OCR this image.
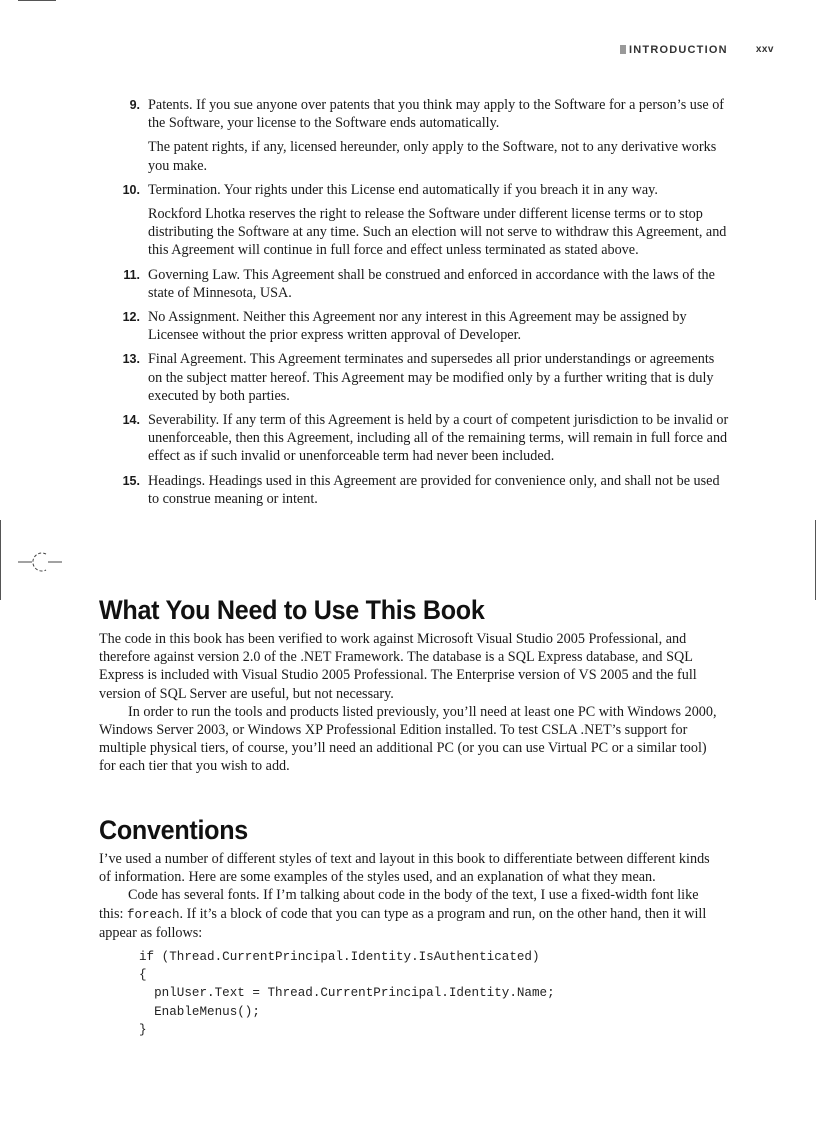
INTRODUCTION	xxv
9. Patents. If you sue anyone over patents that you think may apply to the Software for a person’s use of the Software, your license to the Software ends automatically.

The patent rights, if any, licensed hereunder, only apply to the Software, not to any derivative works you make.

10. Termination. Your rights under this License end automatically if you breach it in any way.

Rockford Lhotka reserves the right to release the Software under different license terms or to stop distributing the Software at any time. Such an election will not serve to withdraw this Agreement, and this Agreement will continue in full force and effect unless terminated as stated above.

11. Governing Law. This Agreement shall be construed and enforced in accordance with the laws of the state of Minnesota, USA.

12. No Assignment. Neither this Agreement nor any interest in this Agreement may be assigned by Licensee without the prior express written approval of Developer.

13. Final Agreement. This Agreement terminates and supersedes all prior understandings or agreements on the subject matter hereof. This Agreement may be modified only by a further writing that is duly executed by both parties.

14. Severability. If any term of this Agreement is held by a court of competent jurisdiction to be invalid or unenforceable, then this Agreement, including all of the remaining terms, will remain in full force and effect as if such invalid or unenforceable term had never been included.

15. Headings. Headings used in this Agreement are provided for convenience only, and shall not be used to construe meaning or intent.

What You Need to Use This Book

The code in this book has been verified to work against Microsoft Visual Studio 2005 Professional, and therefore against version 2.0 of the .NET Framework. The database is a SQL Express database, and SQL Express is included with Visual Studio 2005 Professional. The Enterprise version of VS 2005 and the full version of SQL Server are useful, but not necessary.

In order to run the tools and products listed previously, you’ll need at least one PC with Windows 2000, Windows Server 2003, or Windows XP Professional Edition installed. To test CSLA .NET’s support for multiple physical tiers, of course, you’ll need an additional PC (or you can use Virtual PC or a similar tool) for each tier that you wish to add.

Conventions

I’ve used a number of different styles of text and layout in this book to differentiate between different kinds of information. Here are some examples of the styles used, and an explanation of what they mean.

Code has several fonts. If I’m talking about code in the body of the text, I use a fixed-width font like this: foreach. If it’s a block of code that you can type as a program and run, on the other hand, then it will appear as follows:

if (Thread.CurrentPrincipal.Identity.IsAuthenticated)
{
pnlUser.Text = Thread.CurrentPrincipal.Identity.Name;
EnableMenus();
}
